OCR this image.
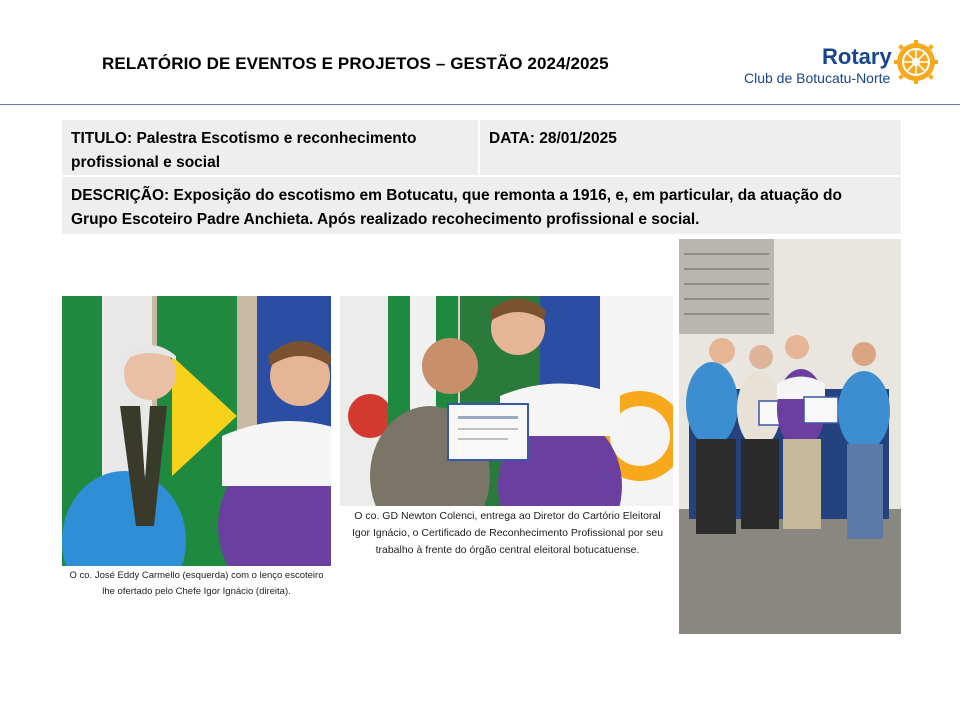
RELATÓRIO DE EVENTOS E PROJETOS – GESTÃO 2024/2025	Rotary
Club de Botucatu-Norte
TITULO: Palestra Escotismo e reconhecimento profissional e social
DATA: 28/01/2025
DESCRIÇÃO: Exposição do escotismo em Botucatu, que remonta a 1916, e, em particular, da atuação do Grupo Escoteiro Padre Anchieta. Após realizado recohecimento profissional e social.
O co. José Eddy Carmello (esquerda) com o lenço escoteiro lhe ofertado pelo Chefe Igor Ignácio (direita).
O co. GD Newton Colenci, entrega ao Diretor do Cartório Eleitoral Igor Ignácio, o Certificado de Reconhecimento Profissional por seu trabalho à frente do órgão central eleitoral botucatuense.
